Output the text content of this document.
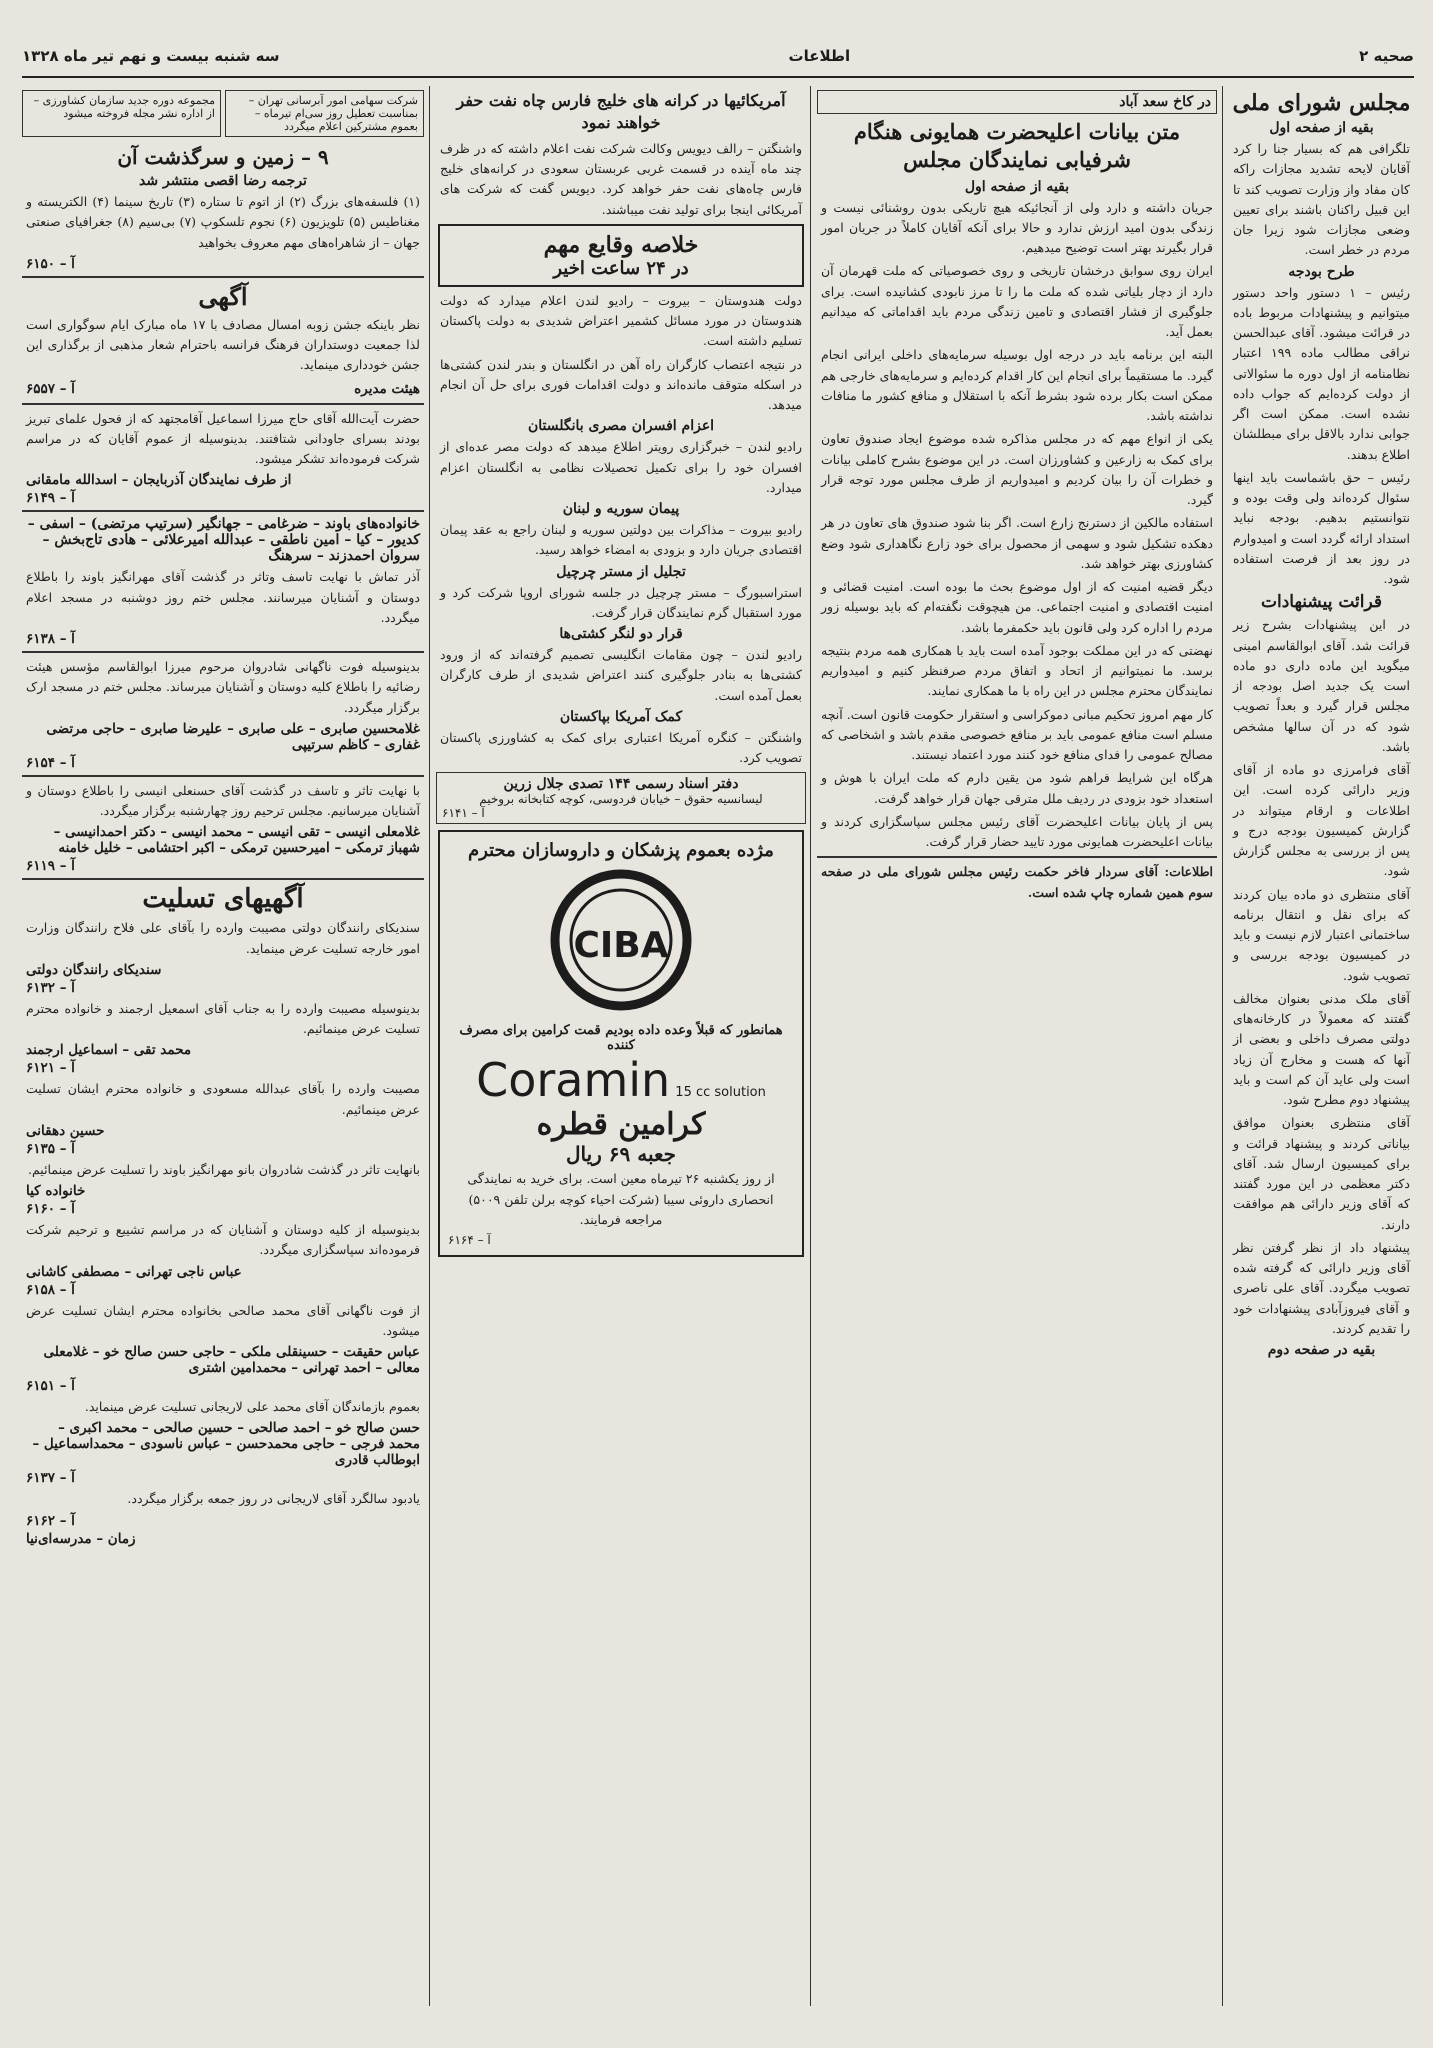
صحیه ۲
اطلاعات
سه شنبه بیست و نهم تیر ماه ۱۳۲۸
مجلس شورای ملی
بقیه از صفحه اول
تلگرافی هم که بسیار جنا را کرد آقایان لایحه تشدید مجازات راکه کان مفاد واز وزارت تصویب کند تا این قبیل راکنان باشند برای تعیین وضعی مجازات شود زیرا جان مردم در خطر است.
طرح بودجه
رئیس – ۱ دستور واحد دستور میتوانیم و پیشنهادات مربوط باده در قرائت میشود. آقای عبدالحسن نراقی مطالب ماده ۱۹۹ اعتبار نظامنامه از اول دوره ما سئوالاتی از دولت کرده‌ایم که جواب داده نشده است. ممکن است اگر جوابی ندارد بالاقل برای مبطلشان اطلاع بدهند.
رئیس – حق باشماست باید اینها سئوال کرده‌اند ولی وقت بوده و نتوانستیم بدهیم. بودجه نباید استداد ارائه گردد است و امیدوارم در روز بعد از فرصت استفاده شود.
قرائت پیشنهادات
در این پیشنهادات بشرح زیر قرائت شد. آقای ابوالقاسم امینی میگوید این ماده داری دو ماده است یک جدید اصل بودجه از مجلس قرار گیرد و بعداً تصویب شود که در آن سالها مشخص باشد.
آقای فرامرزی دو ماده از آقای وزیر دارائی کرده است. این اطلاعات و ارقام میتواند در گزارش کمیسیون بودجه درج و پس از بررسی به مجلس گزارش شود.
آقای منتظری دو ماده بیان کردند که برای نقل و انتقال برنامه ساختمانی اعتبار لازم نیست و باید در کمیسیون بودجه بررسی و تصویب شود.
آقای ملک مدنی بعنوان مخالف گفتند که معمولاً در کارخانه‌های دولتی مصرف داخلی و بعضی از آنها که هست و مخارج آن زیاد است ولی عاید آن کم است و باید پیشنهاد دوم مطرح شود.
آقای منتظری بعنوان موافق بیاناتی کردند و پیشنهاد قرائت و برای کمیسیون ارسال شد. آقای دکتر معظمی در این مورد گفتند که آقای وزیر دارائی هم موافقت دارند.
پیشنهاد داد از نظر گرفتن نظر آقای وزیر دارائی که گرفته شده تصویب میگردد. آقای علی ناصری و آقای فیروزآبادی پیشنهادات خود را تقدیم کردند.
بقیه در صفحه دوم
در کاخ سعد آباد
متن بیانات اعلیحضرت همایونی هنگام شرفیابی نمایندگان مجلس
بقیه از صفحه اول
جریان داشته و دارد ولی از آنجائیکه هیچ تاریکی بدون روشنائی نیست و زندگی بدون امید ارزش ندارد و حالا برای آنکه آقایان کاملاً در جریان امور قرار بگیرند بهتر است توضیح میدهیم.
ایران روی سوابق درخشان تاریخی و روی خصوصیاتی که ملت قهرمان آن دارد از دچار بلیاتی شده که ملت ما را تا مرز نابودی کشانیده است. برای جلوگیری از فشار اقتصادی و تامین زندگی مردم باید اقداماتی که میدانیم بعمل آید.
البته این برنامه باید در درجه اول بوسیله سرمایه‌های داخلی ایرانی انجام گیرد. ما مستقیماً برای انجام این کار اقدام کرده‌ایم و سرمایه‌های خارجی هم ممکن است بکار برده شود بشرط آنکه با استقلال و منافع کشور ما منافات نداشته باشد.
یکی از انواع مهم که در مجلس مذاکره شده موضوع ایجاد صندوق تعاون برای کمک به زارعین و کشاورزان است. در این موضوع بشرح کاملی بیانات و خطرات آن را بیان کردیم و امیدواریم از طرف مجلس مورد توجه قرار گیرد.
استفاده مالکین از دسترنج زارع است. اگر بنا شود صندوق های تعاون در هر دهکده تشکیل شود و سهمی از محصول برای خود زارع نگاهداری شود وضع کشاورزی بهتر خواهد شد.
دیگر قضیه امنیت که از اول موضوع بحث ما بوده است. امنیت قضائی و امنیت اقتصادی و امنیت اجتماعی. من هیچوقت نگفته‌ام که باید بوسیله زور مردم را اداره کرد ولی قانون باید حکمفرما باشد.
نهضتی که در این مملکت بوجود آمده است باید با همکاری همه مردم بنتیجه برسد. ما نمیتوانیم از اتحاد و اتفاق مردم صرفنظر کنیم و امیدواریم نمایندگان محترم مجلس در این راه با ما همکاری نمایند.
کار مهم امروز تحکیم مبانی دموکراسی و استقرار حکومت قانون است. آنچه مسلم است منافع عمومی باید بر منافع خصوصی مقدم باشد و اشخاصی که مصالح عمومی را فدای منافع خود کنند مورد اعتماد نیستند.
هرگاه این شرایط فراهم شود من یقین دارم که ملت ایران با هوش و استعداد خود بزودی در ردیف ملل مترقی جهان قرار خواهد گرفت.
پس از پایان بیانات اعلیحضرت آقای رئیس مجلس سپاسگزاری کردند و بیانات اعلیحضرت همایونی مورد تایید حضار قرار گرفت.
اطلاعات: آقای سردار فاخر حکمت رئیس مجلس شورای ملی در صفحه سوم همین شماره چاپ شده است.
آمریکائیها در کرانه های خلیج فارس چاه نفت حفر خواهند نمود
واشنگتن – رالف دیویس وکالت شرکت نفت اعلام داشته که در ظرف چند ماه آینده در قسمت غربی عربستان سعودی در کرانه‌های خلیج فارس چاه‌های نفت حفر خواهد کرد. دیویس گفت که شرکت های آمریکائی اینجا برای تولید نفت میباشند.
خلاصه وقایع مهم
در ۲۴ ساعت اخیر
دولت هندوستان – بیروت – رادیو لندن اعلام میدارد که دولت هندوستان در مورد مسائل کشمیر اعتراض شدیدی به دولت پاکستان تسلیم داشته است.
در نتیجه اعتصاب کارگران راه آهن در انگلستان و بندر لندن کشتی‌ها در اسکله متوقف مانده‌اند و دولت اقدامات فوری برای حل آن انجام میدهد.
اعزام افسران مصری بانگلستان
رادیو لندن – خبرگزاری رویتر اطلاع میدهد که دولت مصر عده‌ای از افسران خود را برای تکمیل تحصیلات نظامی به انگلستان اعزام میدارد.
پیمان سوریه و لبنان
رادیو بیروت – مذاکرات بین دولتین سوریه و لبنان راجع به عقد پیمان اقتصادی جریان دارد و بزودی به امضاء خواهد رسید.
تجلیل از مستر چرچیل
استراسبورگ – مستر چرچیل در جلسه شورای اروپا شرکت کرد و مورد استقبال گرم نمایندگان قرار گرفت.
قرار دو لنگر کشتی‌ها
رادیو لندن – چون مقامات انگلیسی تصمیم گرفته‌اند که از ورود کشتی‌ها به بنادر جلوگیری کنند اعتراض شدیدی از طرف کارگران بعمل آمده است.
کمک آمریکا بپاکستان
واشنگتن – کنگره آمریکا اعتباری برای کمک به کشاورزی پاکستان تصویب کرد.
دفتر اسناد رسمی ۱۴۴ تصدی جلال زرین
لیسانسیه حقوق – خیابان فردوسی، کوچه کتابخانه بروخیم
آ – ۶۱۴۱
مژده بعموم پزشکان و داروسازان محترم
CIBA
همانطور که قبلاً وعده داده بودیم قمت کرامین برای مصرف کننده
Coramin 15 cc solution
کرامین قطره
جعبه ۶۹ ریال
از روز یکشنبه ۲۶ تیرماه معین است. برای خرید به نمایندگی انحصاری داروئی سیبا (شرکت احیاء کوچه برلن تلفن ۵۰۰۹) مراجعه فرمایند.
آ – ۶۱۶۴
شرکت سهامی امور آبرسانی تهران – بمناسبت تعطیل روز سی‌ام تیرماه – بعموم مشترکین اعلام میگردد
مجموعه دوره جدید سازمان کشاورزی – از اداره نشر مجله فروخته میشود
۹ – زمین و سرگذشت آن
ترجمه رضا اقصی منتشر شد
(۱) فلسفه‌های بزرگ (۲) از اتوم تا ستاره (۳) تاریخ سینما (۴) الکتریسته و مغناطیس (۵) تلویزیون (۶) نجوم تلسکوپ (۷) بی‌سیم (۸) جغرافیای صنعتی جهان – از شاهراه‌های مهم معروف بخواهید
آ – ۶۱۵۰
آگهی
نظر باینکه جشن زوبه امسال مصادف با ۱۷ ماه مبارک ایام سوگواری است لذا جمعیت دوستداران فرهنگ فرانسه باحترام شعار مذهبی از برگذاری این جشن خودداری مینماید.
هیئت مدیره
آ – ۶۵۵۷
حضرت آیت‌الله آقای حاج میرزا اسماعیل آقامجتهد که از فحول علمای تبریز بودند بسرای جاودانی شتافتند. بدینوسیله از عموم آقایان که در مراسم شرکت فرموده‌اند تشکر میشود.
از طرف نمایندگان آذربایجان – اسدالله مامقانی
آ – ۶۱۴۹
خانواده‌های باوند – ضرغامی – جهانگیر (سرتیپ مرتضی) – اسفی – کدیور – کیا – امین ناطقی – عبدالله امیرعلائی – هادی تاج‌بخش – سروان احمدزند – سرهنگ
آذر تماش با نهایت تاسف وتاثر در گذشت آقای مهرانگیز باوند را باطلاع دوستان و آشنایان میرسانند. مجلس ختم روز دوشنبه در مسجد اعلام میگردد.
آ – ۶۱۳۸
بدینوسیله فوت ناگهانی شادروان مرحوم میرزا ابوالقاسم مؤسس هیئت رضائیه را باطلاع کلیه دوستان و آشنایان میرساند. مجلس ختم در مسجد ارک برگزار میگردد.
غلامحسین صابری – علی صابری – علیرضا صابری – حاجی مرتضی غفاری – کاظم سرتیپی
آ – ۶۱۵۴
با نهایت تاثر و تاسف در گذشت آقای حسنعلی انیسی را باطلاع دوستان و آشنایان میرسانیم. مجلس ترحیم روز چهارشنبه برگزار میگردد.
غلامعلی انیسی – تقی انیسی – محمد انیسی – دکتر احمدانیسی – شهباز ترمکی – امیرحسین ترمکی – اکبر احتشامی – خلیل خامنه
آ – ۶۱۱۹
آگهیهای تسلیت
سندیکای رانندگان دولتی مصیبت وارده را بآقای علی فلاح رانندگان وزارت امور خارجه تسلیت عرض مینماید.
سندیکای رانندگان دولتی
آ – ۶۱۳۲
بدینوسیله مصیبت وارده را به جناب آقای اسمعیل ارجمند و خانواده محترم تسلیت عرض مینمائیم.
محمد تقی – اسماعیل ارجمند
آ – ۶۱۲۱
مصیبت وارده را بآقای عبدالله مسعودی و خانواده محترم ایشان تسلیت عرض مینمائیم.
حسین دهقانی
آ – ۶۱۳۵
بانهایت تاثر در گذشت شادروان بانو مهرانگیز باوند را تسلیت عرض مینمائیم.
خانواده کیا
آ – ۶۱۶۰
بدینوسیله از کلیه دوستان و آشنایان که در مراسم تشییع و ترحیم شرکت فرموده‌اند سپاسگزاری میگردد.
عباس ناجی تهرانی – مصطفی کاشانی
آ – ۶۱۵۸
از فوت ناگهانی آقای محمد صالحی بخانواده محترم ایشان تسلیت عرض میشود.
عباس حقیقت – حسینقلی ملکی – حاجی حسن صالح خو – غلامعلی معالی – احمد تهرانی – محمدامین اشتری
آ – ۶۱۵۱
بعموم بازماندگان آقای محمد علی لاریجانی تسلیت عرض مینماید.
حسن صالح خو – احمد صالحی – حسین صالحی – محمد اکبری – محمد فرجی – حاجی محمدحسن – عباس ناسودی – محمداسماعیل – ابوطالب قادری
آ – ۶۱۳۷
یادبود سالگرد آقای لاریجانی در روز جمعه برگزار میگردد.
آ – ۶۱۶۲
زمان – مدرسه‌ای‌نیا
